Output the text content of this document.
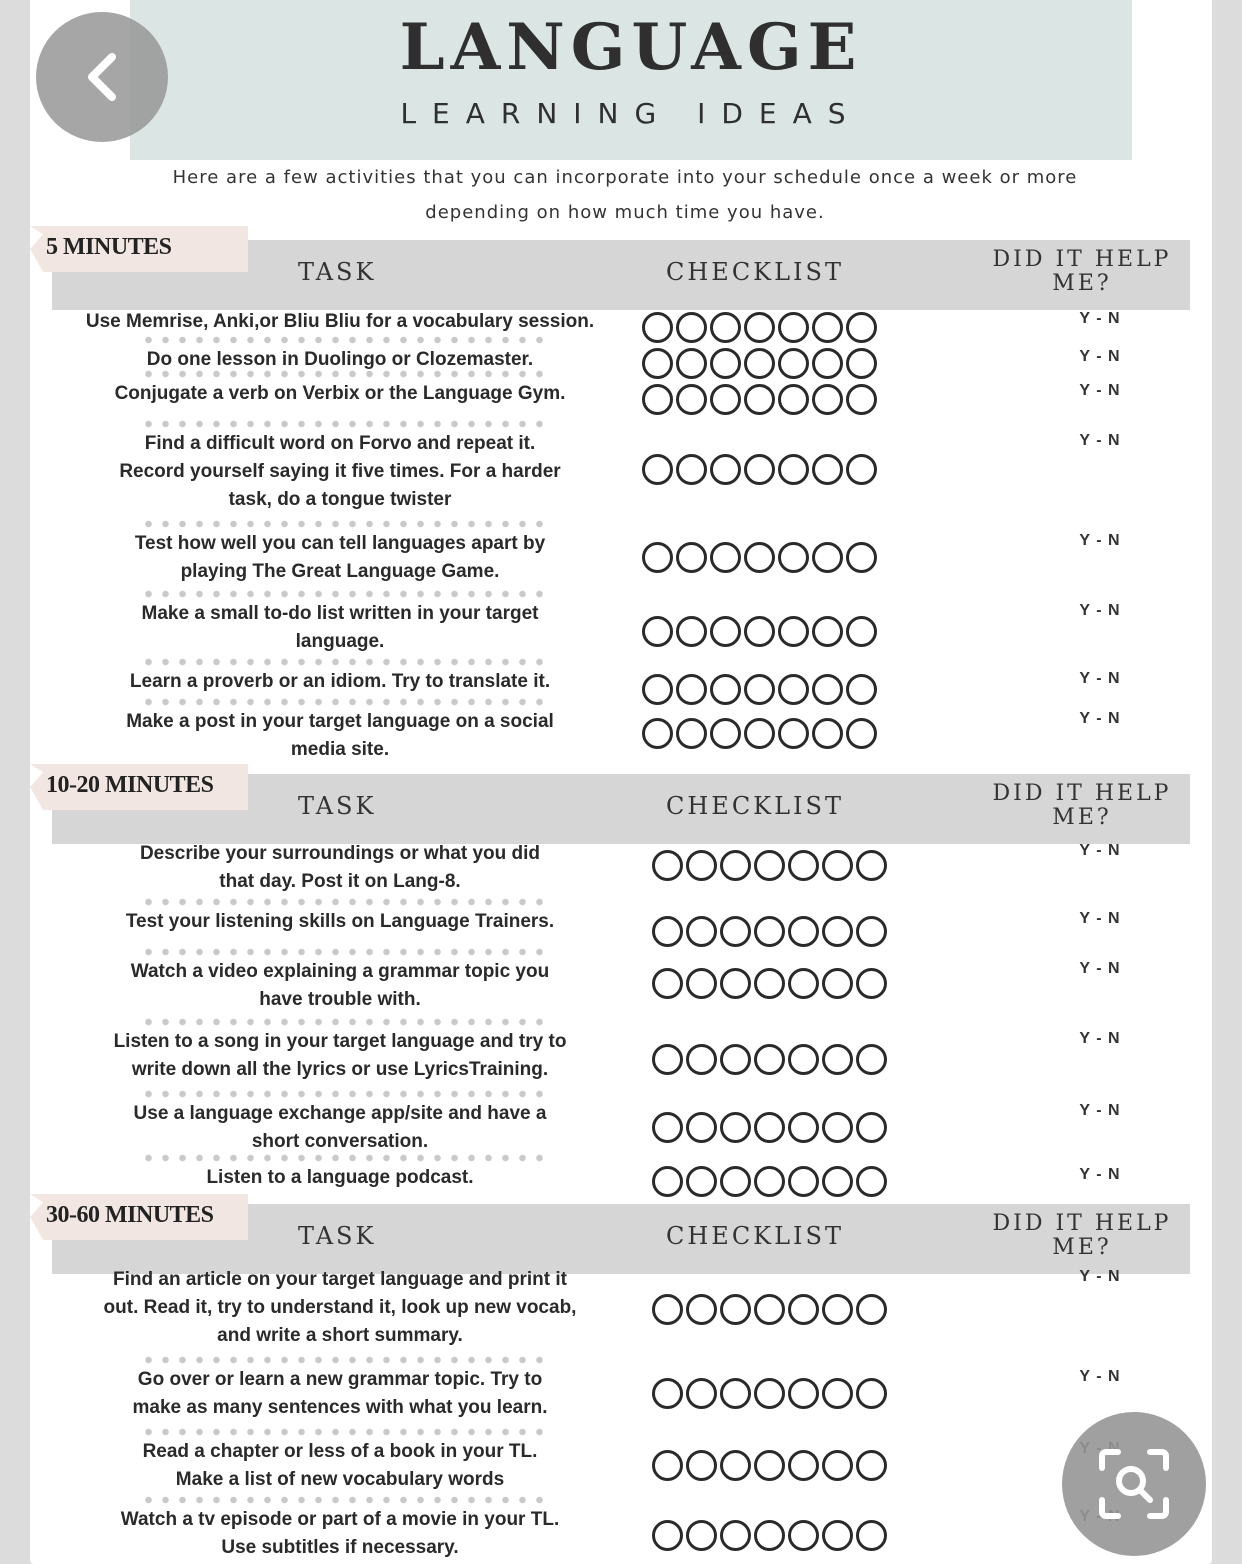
LANGUAGE
LEARNING IDEAS
Here are a few activities that you can incorporate into your schedule once a week or more
depending on how much time you have.
5 MINUTES
TASK	CHECKLIST	DID IT HELP
ME?
Use Memrise, Anki,or Bliu Bliu for a vocabulary session.	Y - N
Do one lesson in Duolingo or Clozemaster.	Y - N
Conjugate a verb on Verbix or the Language Gym.	Y - N
Find a difficult word on Forvo and repeat it.
Record yourself saying it five times. For a harder
task, do a tongue twister
Y - N
Test how well you can tell languages apart by
playing The Great Language Game.
Y - N
Make a small to-do list written in your target
language.
Y - N
Learn a proverb or an idiom. Try to translate it.	Y - N
Make a post in your target language on a social
media site.
Y - N
10-20 MINUTES
TASK	CHECKLIST	DID IT HELP
ME?
Describe your surroundings or what you did
that day. Post it on Lang-8.
Y - N
Test your listening skills on Language Trainers.	Y - N
Watch a video explaining a grammar topic you
have trouble with.
Y - N
Listen to a song in your target language and try to
write down all the lyrics or use LyricsTraining.
Y - N
Use a language exchange app/site and have a
short conversation.
Y - N
Listen to a language podcast.	Y - N
30-60 MINUTES
TASK	CHECKLIST	DID IT HELP
ME?
Find an article on your target language and print it
out. Read it, try to understand it, look up new vocab,
and write a short summary.
Y - N
Go over or learn a new grammar topic. Try to
make as many sentences with what you learn.
Y - N
Read a chapter or less of a book in your TL.
Make a list of new vocabulary words
Watch a tv episode or part of a movie in your TL.
Use subtitles if necessary.
